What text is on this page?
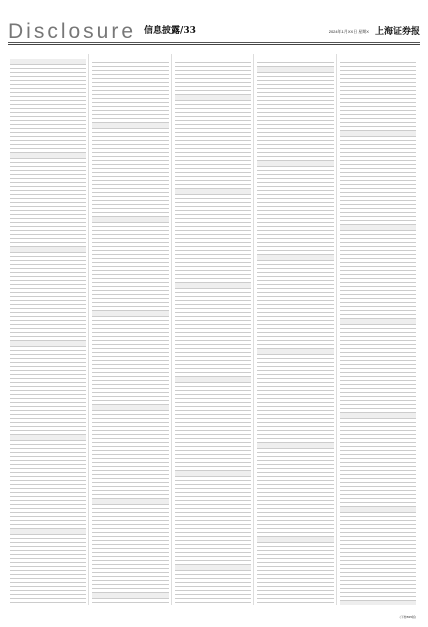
Disclosure 信息披露/33	2024年1月XX日 星期X 上海证券报

(下转B35版)
